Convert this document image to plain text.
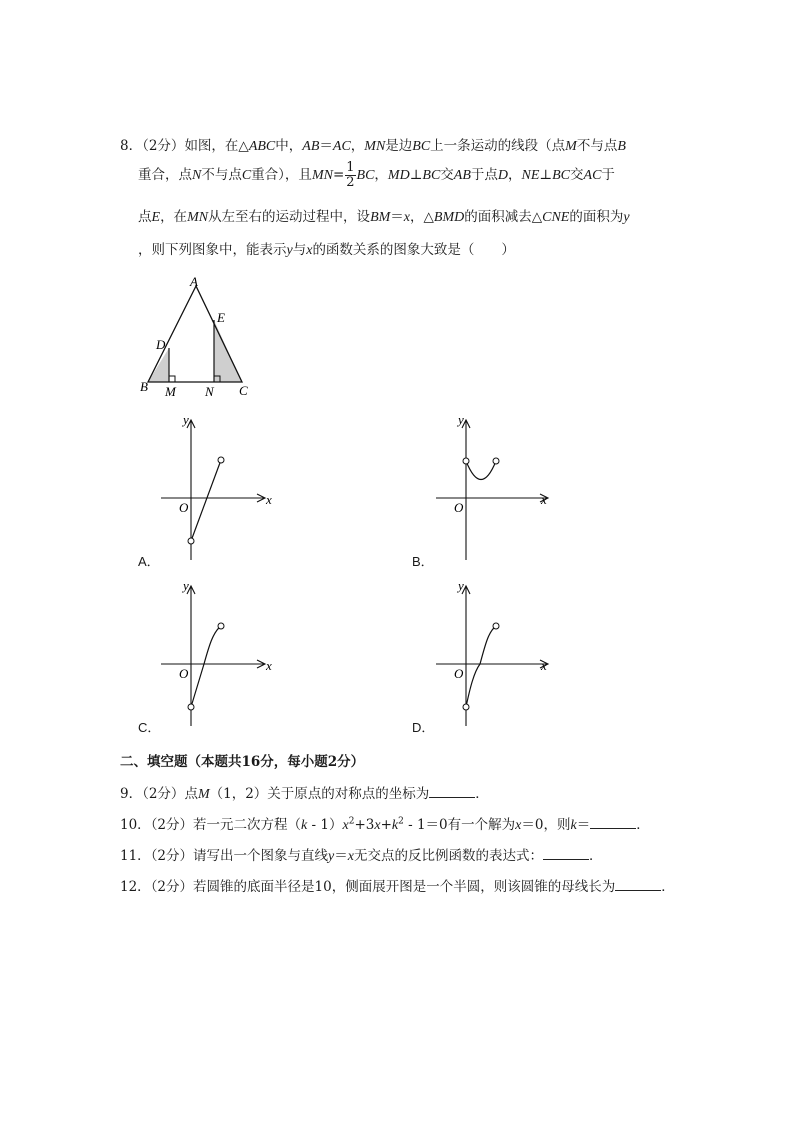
8．（2分）如图，在△ABC中，AB＝AC，MN是边BC上一条运动的线段（点M不与点B
重合，点N不与点C重合），且$MN= \frac{1}{2}$ BC，MD⊥BC交AB于点D，NE⊥BC交AC于
点E，在MN从左至右的运动过程中，设BM＝x，△BMD的面积减去△CNE的面积为y
，则下列图象中，能表示y与x的函数关系的图象大致是（　　）
A
B	C
D
E
M N
y
x
O
A．
y
x
O
B．
y
x
O
C．
y
x
O
D．
二、填空题（本题共16分，每小题2分）
9．（2分）点M（1，2）关于原点的对称点的坐标为	．
10．（2分）若一元二次方程$(k - 1)x^2+3x+k^2 - 1=0$有一个解为x＝0，则k＝	．
11．（2分）请写出一个图象与直线y＝x无交点的反比例函数的表达式：	．
12．（2分）若圆锥的底面半径是10，侧面展开图是一个半圆，则该圆锥的母线长为	．
